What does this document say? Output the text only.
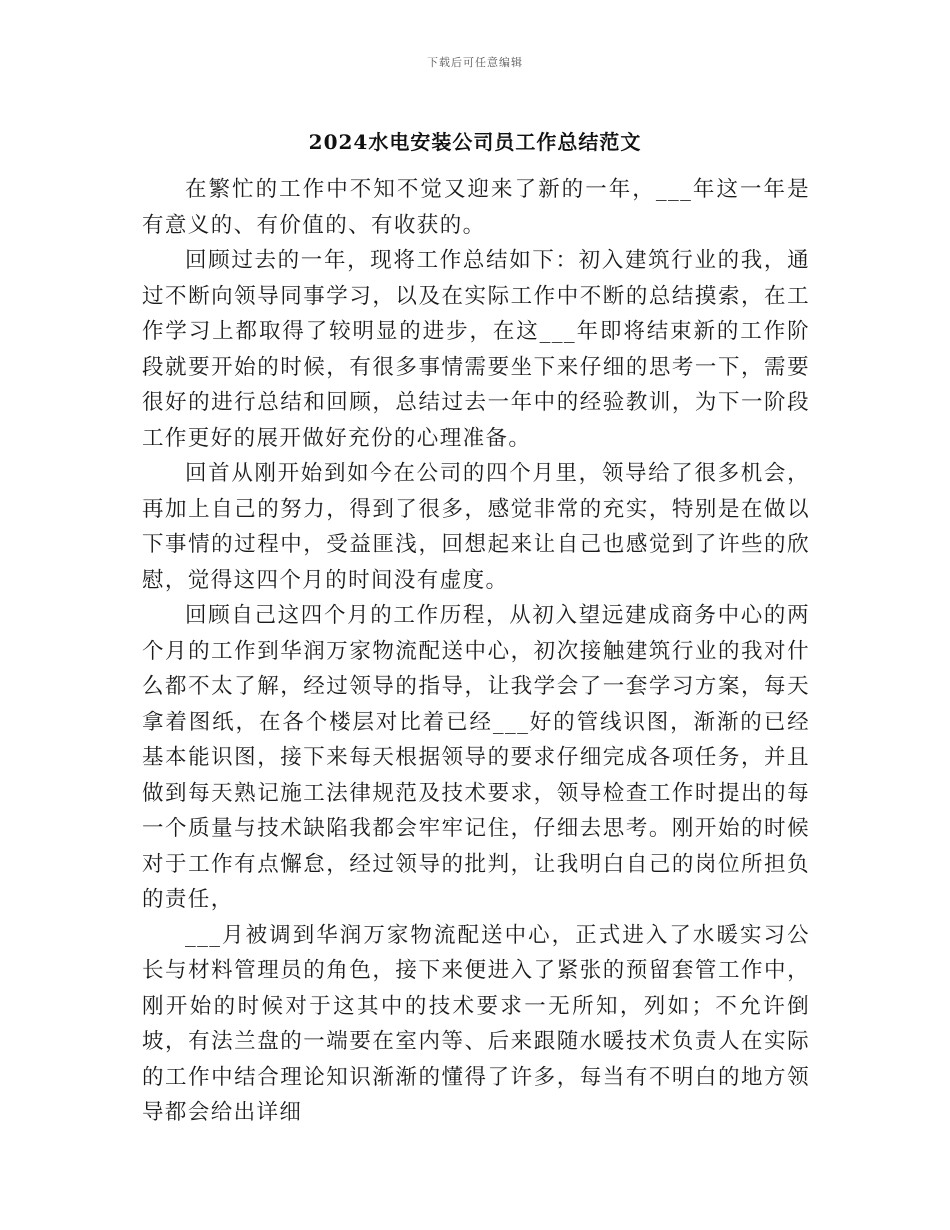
下载后可任意编辑
2024水电安装公司员工作总结范文

在繁忙的工作中不知不觉又迎来了新的一年，___年这一年是有意义的、有价值的、有收获的。

回顾过去的一年，现将工作总结如下：初入建筑行业的我，通过不断向领导同事学习，以及在实际工作中不断的总结摸索，在工作学习上都取得了较明显的进步，在这___年即将结束新的工作阶段就要开始的时候，有很多事情需要坐下来仔细的思考一下，需要很好的进行总结和回顾，总结过去一年中的经验教训，为下一阶段工作更好的展开做好充份的心理准备。

回首从刚开始到如今在公司的四个月里，领导给了很多机会，再加上自己的努力，得到了很多，感觉非常的充实，特别是在做以下事情的过程中，受益匪浅，回想起来让自己也感觉到了许些的欣慰，觉得这四个月的时间没有虚度。

回顾自己这四个月的工作历程，从初入望远建成商务中心的两个月的工作到华润万家物流配送中心，初次接触建筑行业的我对什么都不太了解，经过领导的指导，让我学会了一套学习方案，每天拿着图纸，在各个楼层对比着已经___好的管线识图，渐渐的已经基本能识图，接下来每天根据领导的要求仔细完成各项任务，并且做到每天熟记施工法律规范及技术要求，领导检查工作时提出的每一个质量与技术缺陷我都会牢牢记住，仔细去思考。刚开始的时候对于工作有点懈怠，经过领导的批判，让我明白自己的岗位所担负的责任，

___月被调到华润万家物流配送中心，正式进入了水暖实习公长与材料管理员的角色，接下来便进入了紧张的预留套管工作中，刚开始的时候对于这其中的技术要求一无所知，列如；不允许倒坡，有法兰盘的一端要在室内等、后来跟随水暖技术负责人在实际的工作中结合理论知识渐渐的懂得了许多，每当有不明白的地方领导都会给出详细
